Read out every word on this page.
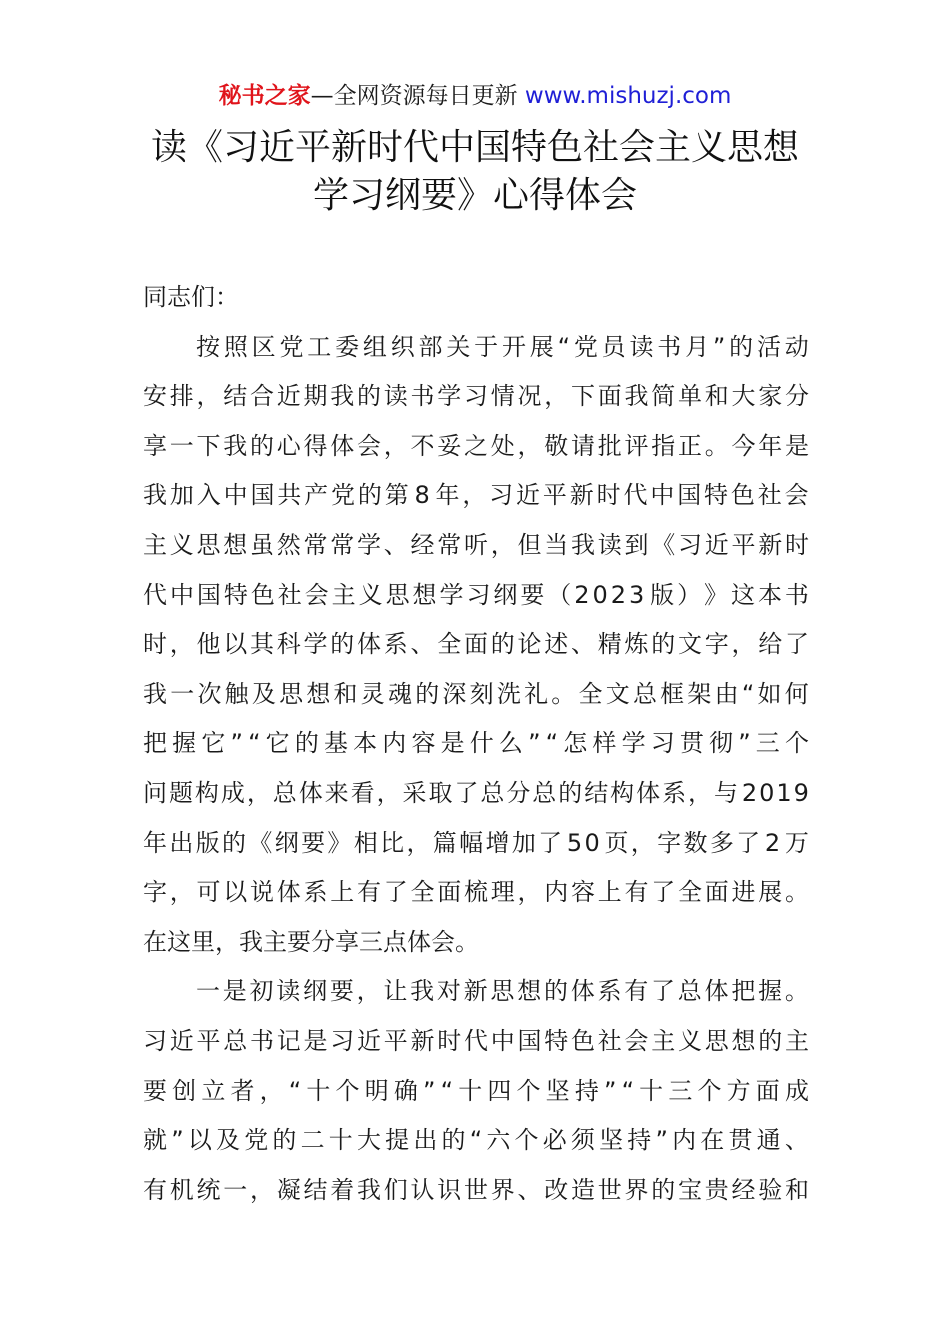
秘书之家—全网资源每日更新 www.mishuzj.com
读《习近平新时代中国特色社会主义思想
学习纲要》心得体会
同志们：
按 照 区 党 工 委 组 织 部 关 于 开 展 “ 党 员 读 书 月 ” 的 活 动
安 排 ， 结 合 近 期 我 的 读 书 学 习 情 况 ， 下 面 我 简 单 和 大 家 分
享 一 下 我 的 心 得 体 会 ， 不 妥 之 处 ， 敬 请 批 评 指 正 。 今 年 是
我 加 入 中 国 共 产 党 的 第 8 年 ， 习 近 平 新 时 代 中 国 特 色 社 会
主 义 思 想 虽 然 常 常 学 、 经 常 听 ， 但 当 我 读 到 《 习 近 平 新 时
代 中 国 特 色 社 会 主 义 思 想 学 习 纲 要 （ 2 0 2 3 版 ） 》 这 本 书
时 ， 他 以 其 科 学 的 体 系 、 全 面 的 论 述 、 精 炼 的 文 字 ， 给 了
我 一 次 触 及 思 想 和 灵 魂 的 深 刻 洗 礼 。 全 文 总 框 架 由 “ 如 何
把 握 它 ” “ 它 的 基 本 内 容 是 什 么 ” “ 怎 样 学 习 贯 彻 ” 三 个
问 题 构 成 ， 总 体 来 看 ， 采 取 了 总 分 总 的 结 构 体 系 ， 与 2 0 1 9
年 出 版 的 《 纲 要 》 相 比 ， 篇 幅 增 加 了 5 0 页 ， 字 数 多 了 2 万
字 ， 可 以 说 体 系 上 有 了 全 面 梳 理 ， 内 容 上 有 了 全 面 进 展 。
在这里，我主要分享三点体会。
一 是 初 读 纲 要 ， 让 我 对 新 思 想 的 体 系 有 了 总 体 把 握 。
习 近 平 总 书 记 是 习 近 平 新 时 代 中 国 特 色 社 会 主 义 思 想 的 主
要 创 立 者 ， “ 十 个 明 确 ” “ 十 四 个 坚 持 ” “ 十 三 个 方 面 成
就 ” 以 及 党 的 二 十 大 提 出 的 “ 六 个 必 须 坚 持 ” 内 在 贯 通 、
有 机 统 一 ， 凝 结 着 我 们 认 识 世 界 、 改 造 世 界 的 宝 贵 经 验 和
